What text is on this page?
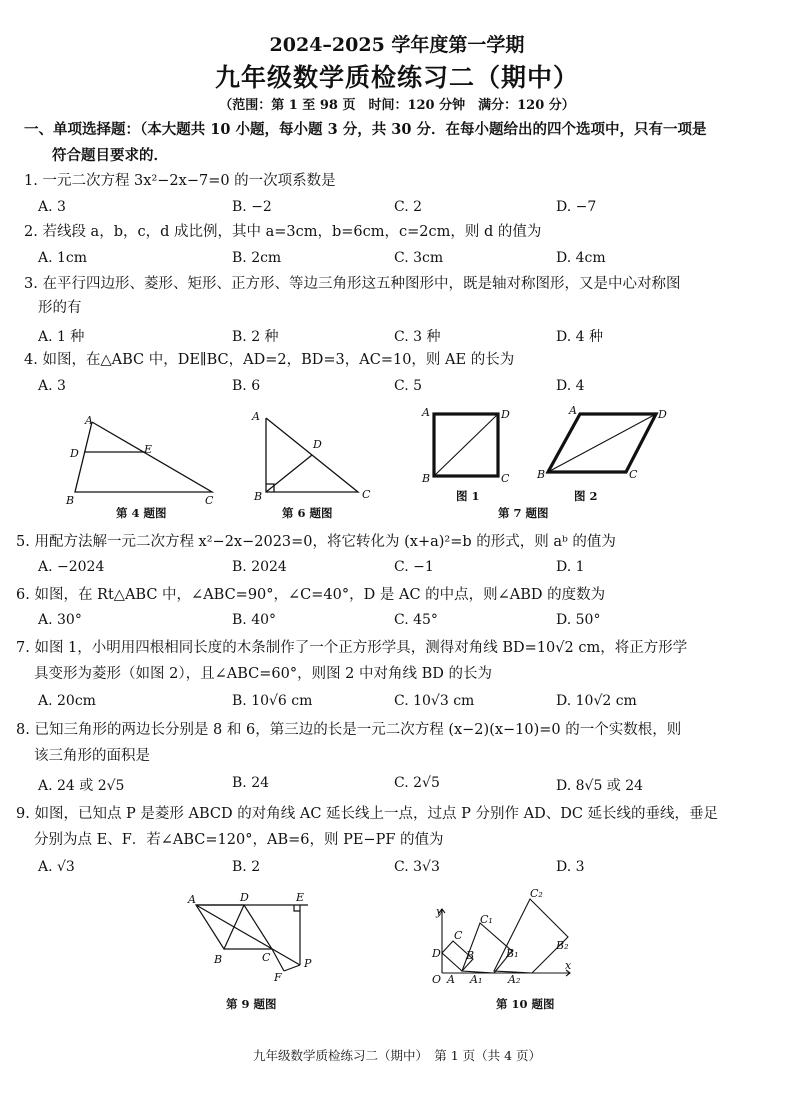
2024–2025 学年度第一学期
九年级数学质检练习二（期中）
（范围：第 1 至 98 页　时间：120 分钟　满分：120 分）
一、单项选择题：（本大题共 10 小题，每小题 3 分，共 30 分．在每小题给出的四个选项中，只有一项是
符合题目要求的．
1. 一元二次方程 3x²−2x−7=0 的一次项系数是
A. 3	B. −2	C. 2	D. −7
2. 若线段 a，b，c，d 成比例，其中 a=3cm，b=6cm，c=2cm，则 d 的值为
A. 1cm	B. 2cm	C. 3cm	D. 4cm
3. 在平行四边形、菱形、矩形、正方形、等边三角形这五种图形中，既是轴对称图形，又是中心对称图
形的有
A. 1 种	B. 2 种	C. 3 种	D. 4 种
4. 如图，在△ABC 中，DE∥BC，AD=2，BD=3，AC=10，则 AE 的长为
A. 3	B. 6	C. 5	D. 4
A
D	E
B	C
A
D
B	C
A	D
B	C
A	D
B	C
第 4 题图	第 6 题图
图 1	图 2
第 7 题图
5. 用配方法解一元二次方程 x²−2x−2023=0，将它转化为 (x+a)²=b 的形式，则 aᵇ 的值为
A. −2024	B. 2024	C. −1	D. 1
6. 如图，在 Rt△ABC 中，∠ABC=90°，∠C=40°，D 是 AC 的中点，则∠ABD 的度数为
A. 30°	B. 40°	C. 45°	D. 50°
7. 如图 1，小明用四根相同长度的木条制作了一个正方形学具，测得对角线 BD=10√2 cm，将正方形学
具变形为菱形（如图 2），且∠ABC=60°，则图 2 中对角线 BD 的长为
A. 20cm	B. 10√6 cm	C. 10√3 cm	D. 10√2 cm
8. 已知三角形的两边长分别是 8 和 6，第三边的长是一元二次方程 (x−2)(x−10)=0 的一个实数根，则
该三角形的面积是
A. 24 或 2√5	B. 24	C. 2√5	D. 8√5 或 24
9. 如图，已知点 P 是菱形 ABCD 的对角线 AC 延长线上一点，过点 P 分别作 AD、DC 延长线的垂线，垂足
分别为点 E、F．若∠ABC=120°，AB=6，则 PE−PF 的值为
A. √3	B. 2	C. 3√3	D. 3
A	D	E
B	C
F
P
y
x
O A A₁ A₂
B	B₁
B₂
C
C₁
C₂
D
第 9 题图	第 10 题图
九年级数学质检练习二（期中）　第 1 页（共 4 页）
